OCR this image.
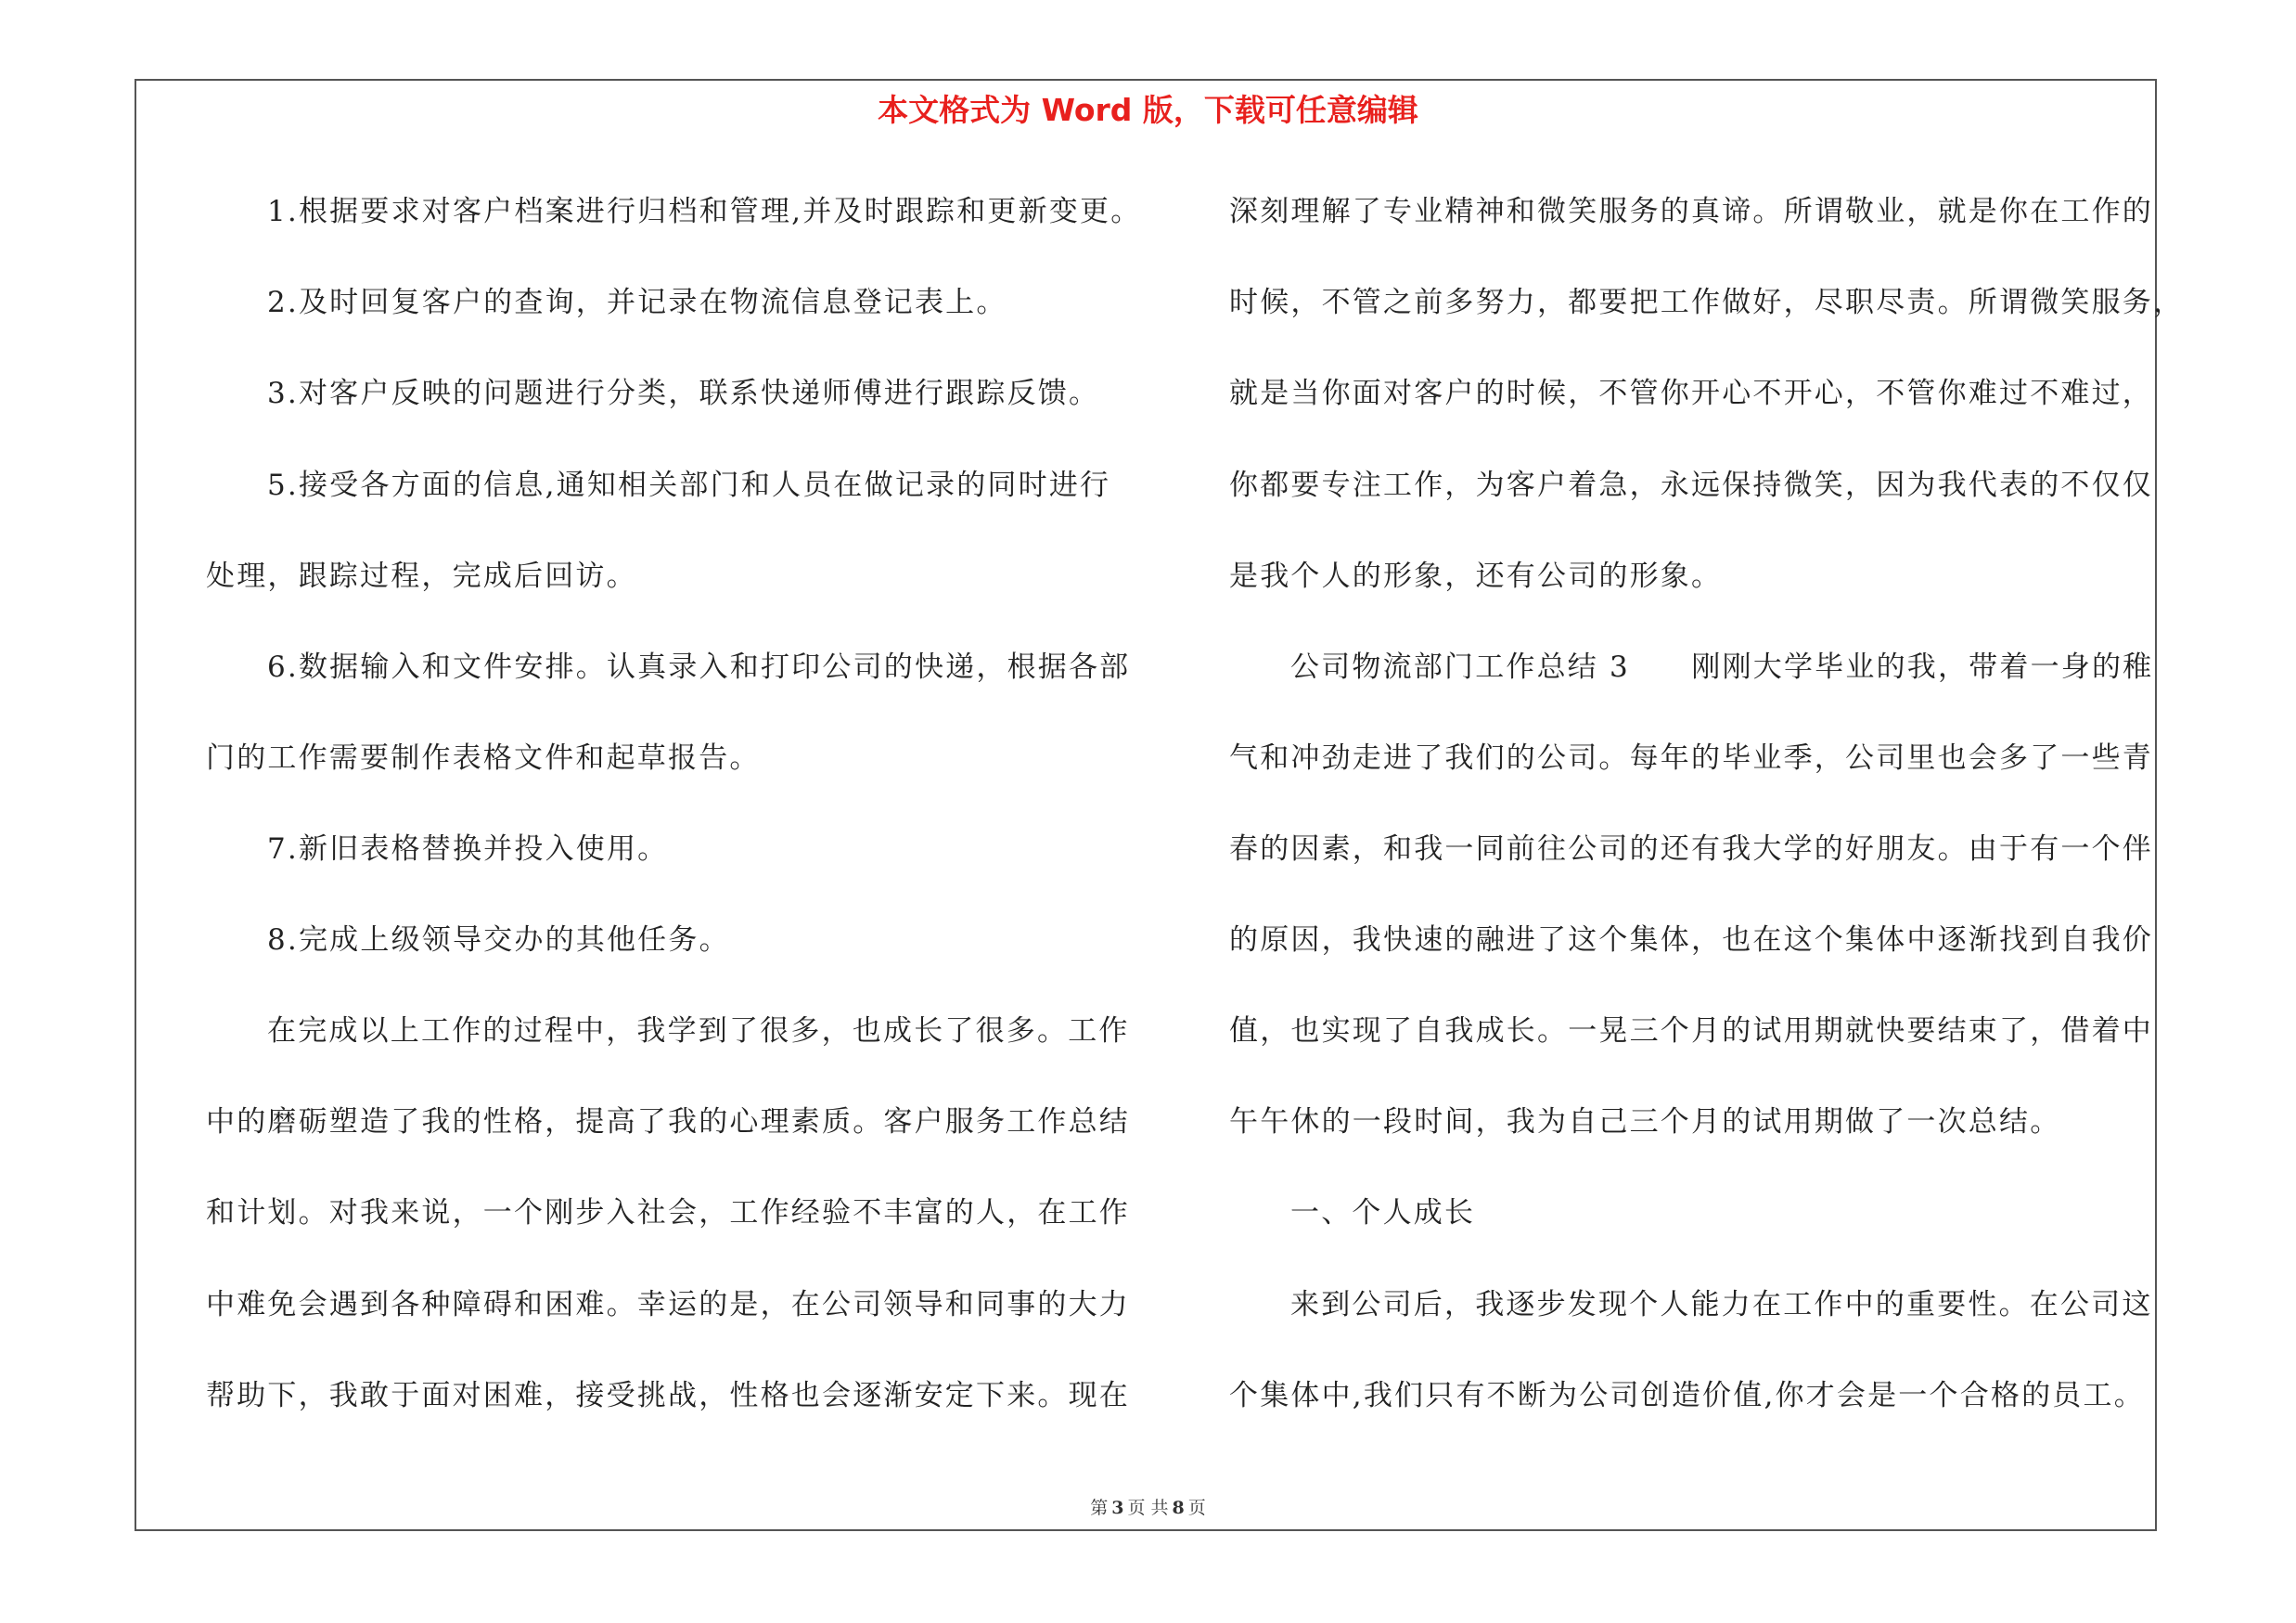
本文格式为 Word 版，下载可任意编辑
1.根据要求对客户档案进行归档和管理,并及时跟踪和更新变更。
2.及时回复客户的查询，并记录在物流信息登记表上。
3.对客户反映的问题进行分类，联系快递师傅进行跟踪反馈。
5.接受各方面的信息,通知相关部门和人员在做记录的同时进行
处理，跟踪过程，完成后回访。
6.数据输入和文件安排。认真录入和打印公司的快递，根据各部
门的工作需要制作表格文件和起草报告。
7.新旧表格替换并投入使用。
8.完成上级领导交办的其他任务。
在完成以上工作的过程中，我学到了很多，也成长了很多。工作
中的磨砺塑造了我的性格，提高了我的心理素质。客户服务工作总结
和计划。对我来说，一个刚步入社会，工作经验不丰富的人，在工作
中难免会遇到各种障碍和困难。幸运的是，在公司领导和同事的大力
帮助下，我敢于面对困难，接受挑战，性格也会逐渐安定下来。现在
深刻理解了专业精神和微笑服务的真谛。所谓敬业，就是你在工作的
时候，不管之前多努力，都要把工作做好，尽职尽责。所谓微笑服务，
就是当你面对客户的时候，不管你开心不开心，不管你难过不难过，
你都要专注工作，为客户着急，永远保持微笑，因为我代表的不仅仅
是我个人的形象，还有公司的形象。
公司物流部门工作总结 3　　刚刚大学毕业的我，带着一身的稚
气和冲劲走进了我们的公司。每年的毕业季，公司里也会多了一些青
春的因素，和我一同前往公司的还有我大学的好朋友。由于有一个伴
的原因，我快速的融进了这个集体，也在这个集体中逐渐找到自我价
值，也实现了自我成长。一晃三个月的试用期就快要结束了，借着中
午午休的一段时间，我为自己三个月的试用期做了一次总结。
一、个人成长
来到公司后，我逐步发现个人能力在工作中的重要性。在公司这
个集体中,我们只有不断为公司创造价值,你才会是一个合格的员工。
第 3 页 共 8 页
